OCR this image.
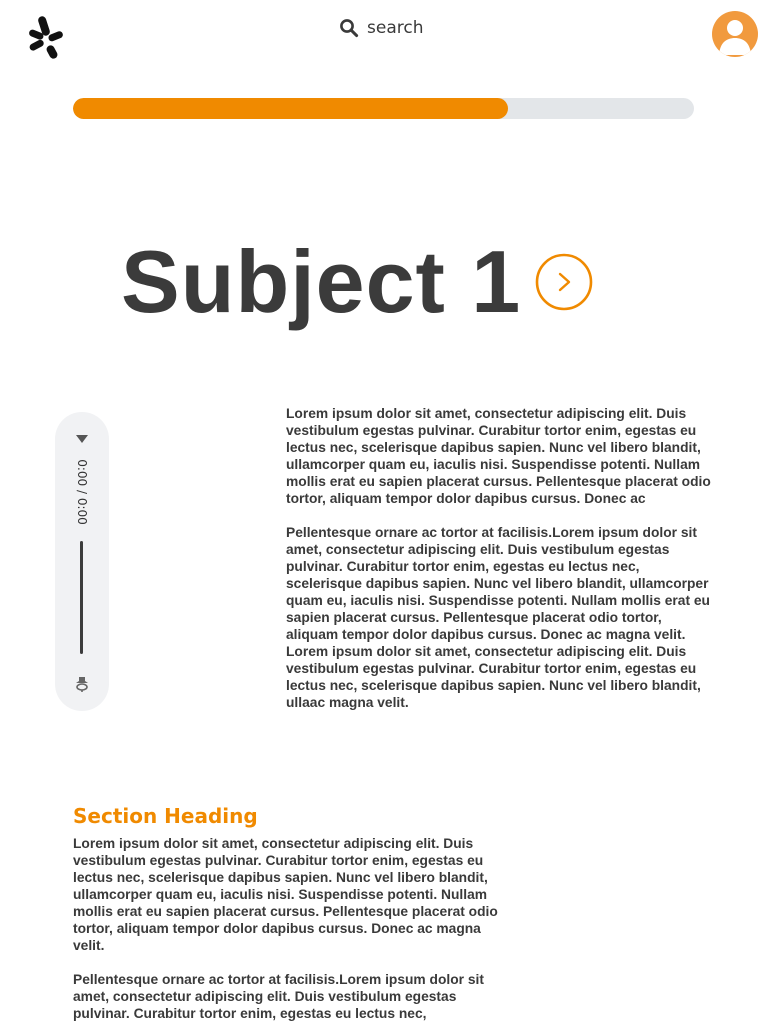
search
Subject 1
0:00 / 0:00

Lorem ipsum dolor sit amet, consectetur adipiscing elit. Duis vestibulum egestas pulvinar. Curabitur tortor enim, egestas eu lectus nec, scelerisque dapibus sapien. Nunc vel libero blandit, ullamcorper quam eu, iaculis nisi. Suspendisse potenti. Nullam mollis erat eu sapien placerat cursus. Pellentesque placerat odio tortor, aliquam tempor dolor dapibus cursus. Donec ac

Pellentesque ornare ac tortor at facilisis.Lorem ipsum dolor sit amet, consectetur adipiscing elit. Duis vestibulum egestas pulvinar. Curabitur tortor enim, egestas eu lectus nec, scelerisque dapibus sapien. Nunc vel libero blandit, ullamcorper quam eu, iaculis nisi. Suspendisse potenti. Nullam mollis erat eu sapien placerat cursus. Pellentesque placerat odio tortor, aliquam tempor dolor dapibus cursus. Donec ac magna velit.

Lorem ipsum dolor sit amet, consectetur adipiscing elit. Duis vestibulum egestas pulvinar. Curabitur tortor enim, egestas eu lectus nec, scelerisque dapibus sapien. Nunc vel libero blandit, ullaac magna velit.

Section Heading

Lorem ipsum dolor sit amet, consectetur adipiscing elit. Duis vestibulum egestas pulvinar. Curabitur tortor enim, egestas eu lectus nec, scelerisque dapibus sapien. Nunc vel libero blandit, ullamcorper quam eu, iaculis nisi. Suspendisse potenti. Nullam mollis erat eu sapien placerat cursus. Pellentesque placerat odio tortor, aliquam tempor dolor dapibus cursus. Donec ac magna velit.

Pellentesque ornare ac tortor at facilisis.Lorem ipsum dolor sit amet, consectetur adipiscing elit. Duis vestibulum egestas pulvinar. Curabitur tortor enim, egestas eu lectus nec,
